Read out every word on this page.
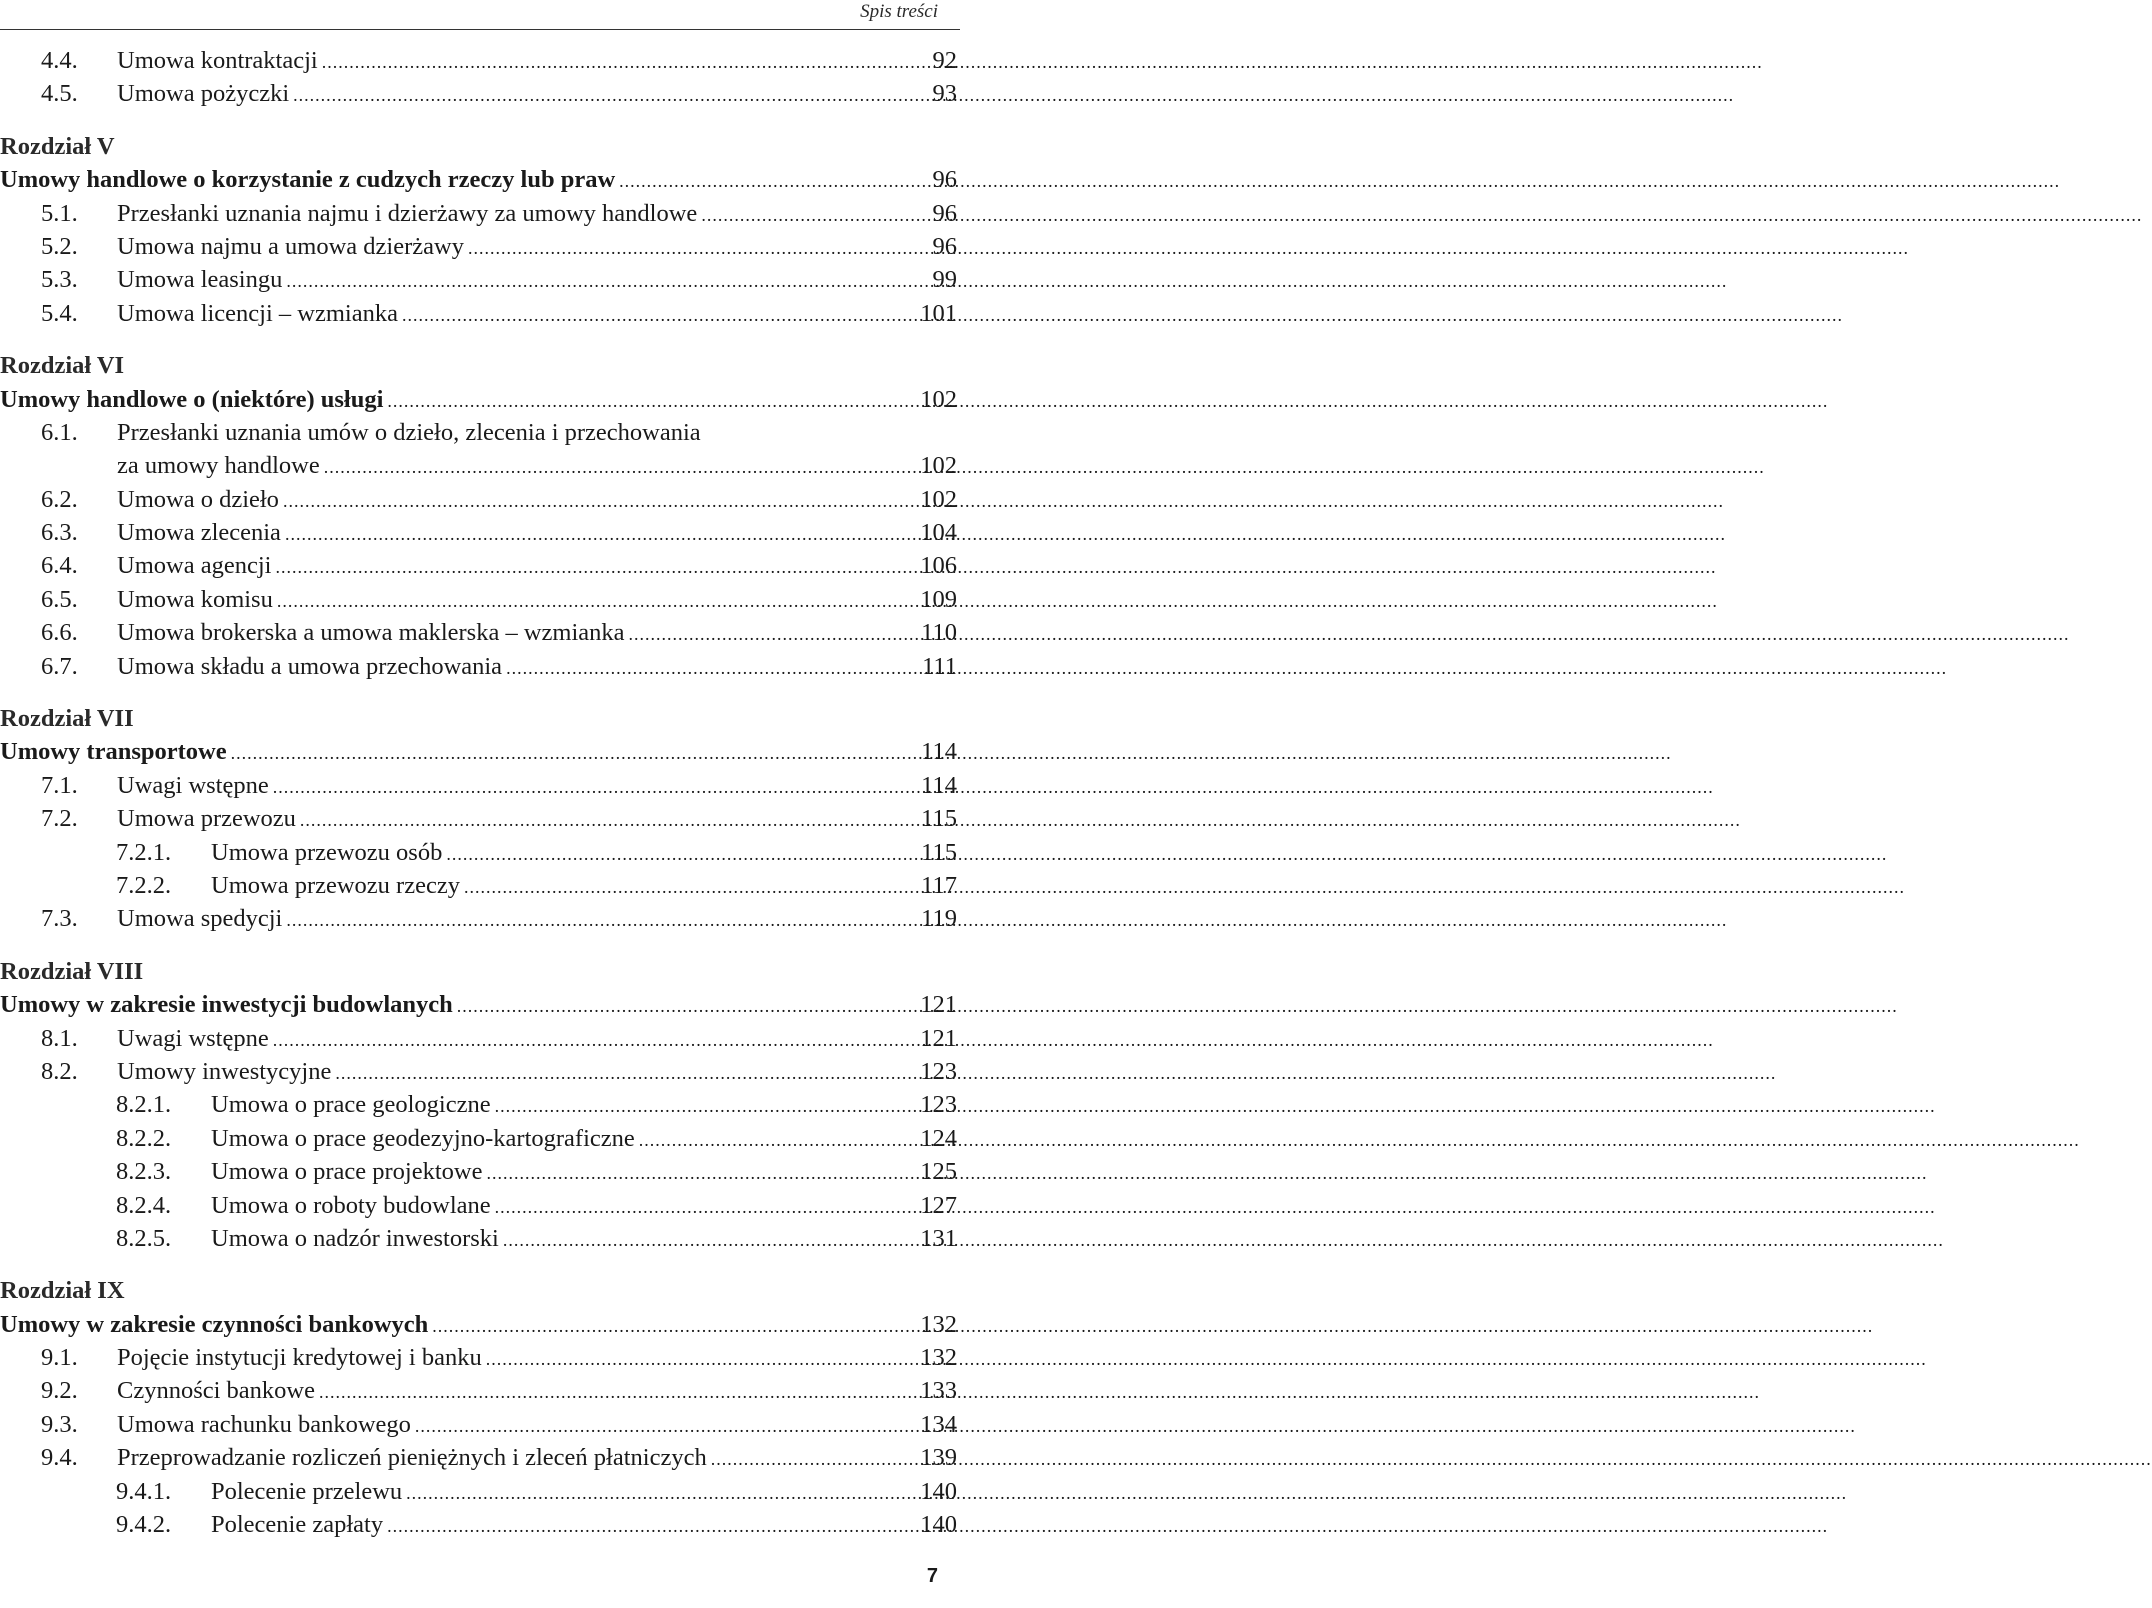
Spis treści
4.4.	Umowa kontraktacji .....	92
4.5.	Umowa pożyczki .....	93
Rozdział V
Umowy handlowe o korzystanie z cudzych rzeczy lub praw .....	96
5.1.	Przesłanki uznania najmu i dzierżawy za umowy handlowe .....	96
5.2.	Umowa najmu a umowa dzierżawy .....	96
5.3.	Umowa leasingu .....	99
5.4.	Umowa licencji – wzmianka .....	101
Rozdział VI
Umowy handlowe o (niektóre) usługi .....	102
6.1.	Przesłanki uznania umów o dzieło, zlecenia i przechowania
za umowy handlowe .....	102
6.2.	Umowa o dzieło .....	102
6.3.	Umowa zlecenia .....	104
6.4.	Umowa agencji .....	106
6.5.	Umowa komisu .....	109
6.6.	Umowa brokerska a umowa maklerska – wzmianka .....	110
6.7.	Umowa składu a umowa przechowania .....	111
Rozdział VII
Umowy transportowe .....	114
7.1.	Uwagi wstępne .....	114
7.2.	Umowa przewozu .....	115
7.2.1.	Umowa przewozu osób .....	115
7.2.2.	Umowa przewozu rzeczy .....	117
7.3.	Umowa spedycji .....	119
Rozdział VIII
Umowy w zakresie inwestycji budowlanych .....	121
8.1.	Uwagi wstępne .....	121
8.2.	Umowy inwestycyjne .....	123
8.2.1.	Umowa o prace geologiczne .....	123
8.2.2.	Umowa o prace geodezyjno-kartograficzne .....	124
8.2.3.	Umowa o prace projektowe .....	125
8.2.4.	Umowa o roboty budowlane .....	127
8.2.5.	Umowa o nadzór inwestorski .....	131
Rozdział IX
Umowy w zakresie czynności bankowych .....	132
9.1.	Pojęcie instytucji kredytowej i banku .....	132
9.2.	Czynności bankowe .....	133
9.3.	Umowa rachunku bankowego .....	134
9.4.	Przeprowadzanie rozliczeń pieniężnych i zleceń płatniczych .....	139
9.4.1.	Polecenie przelewu .....	140
9.4.2.	Polecenie zapłaty .....	140
7
